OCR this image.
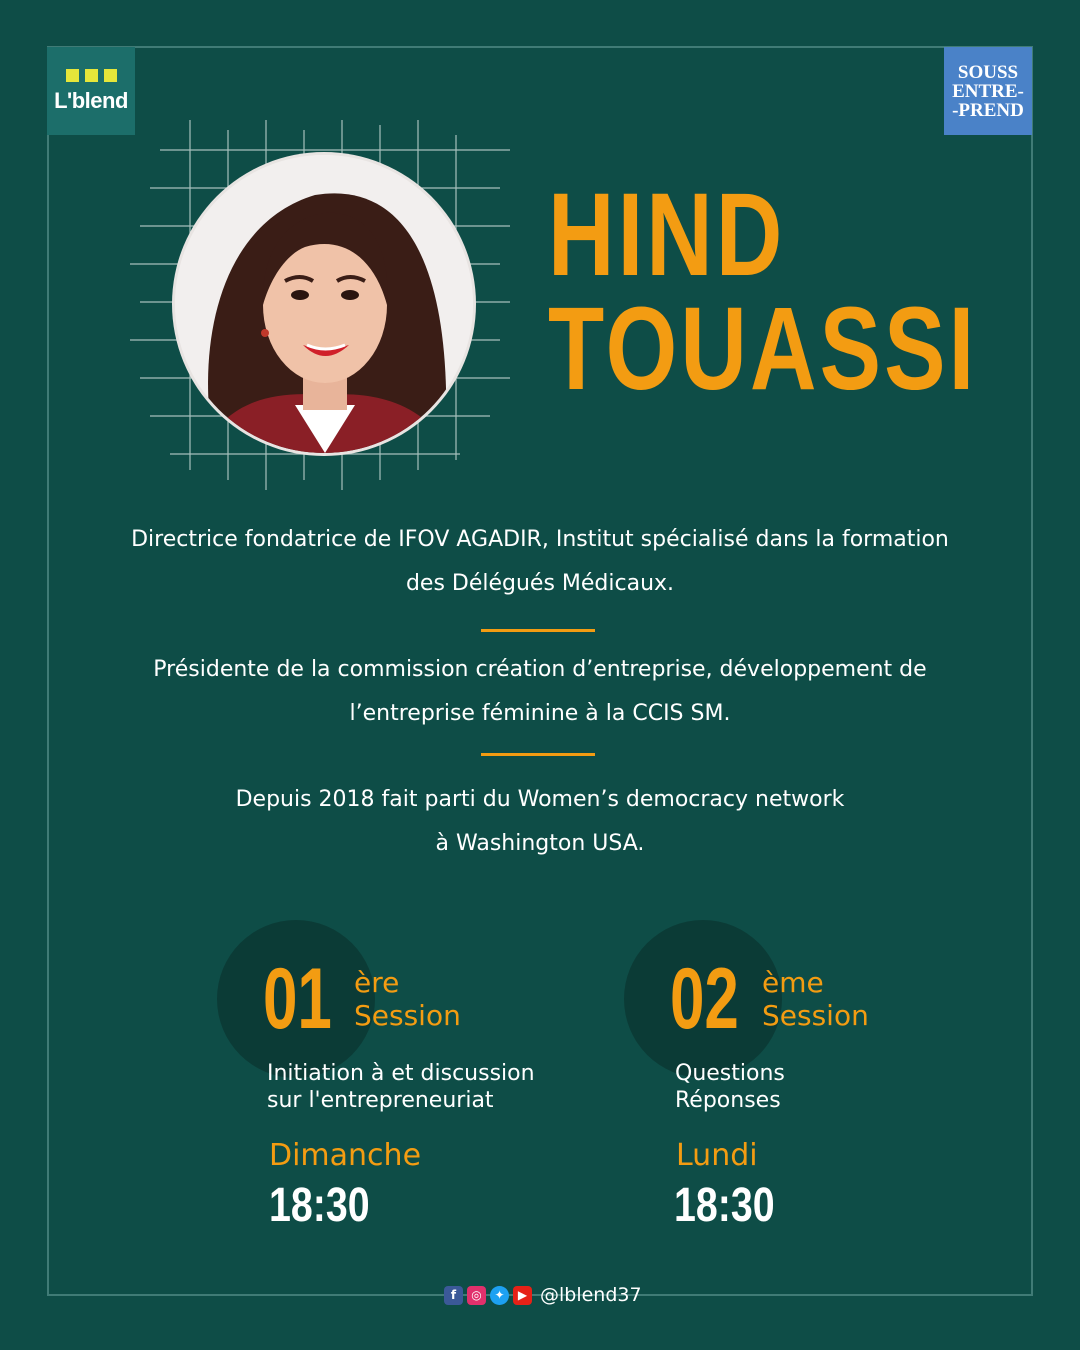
L'blend
SOUSS
ENTRE-
-PREND
HIND
TOUASSI
Directrice fondatrice de IFOV AGADIR, Institut spécialisé dans la formation
des Délégués Médicaux.
Présidente de la commission création d’entreprise, développement de
l’entreprise féminine à la CCIS SM.
Depuis 2018 fait parti du Women’s democracy network
à Washington USA.
01 ère
Session
Initiation à et discussion
sur l'entrepreneuriat
Dimanche
18:30
02 ème
Session
Questions
Réponses
Lundi
18:30
f	◎	✦	▶ @lblend37
